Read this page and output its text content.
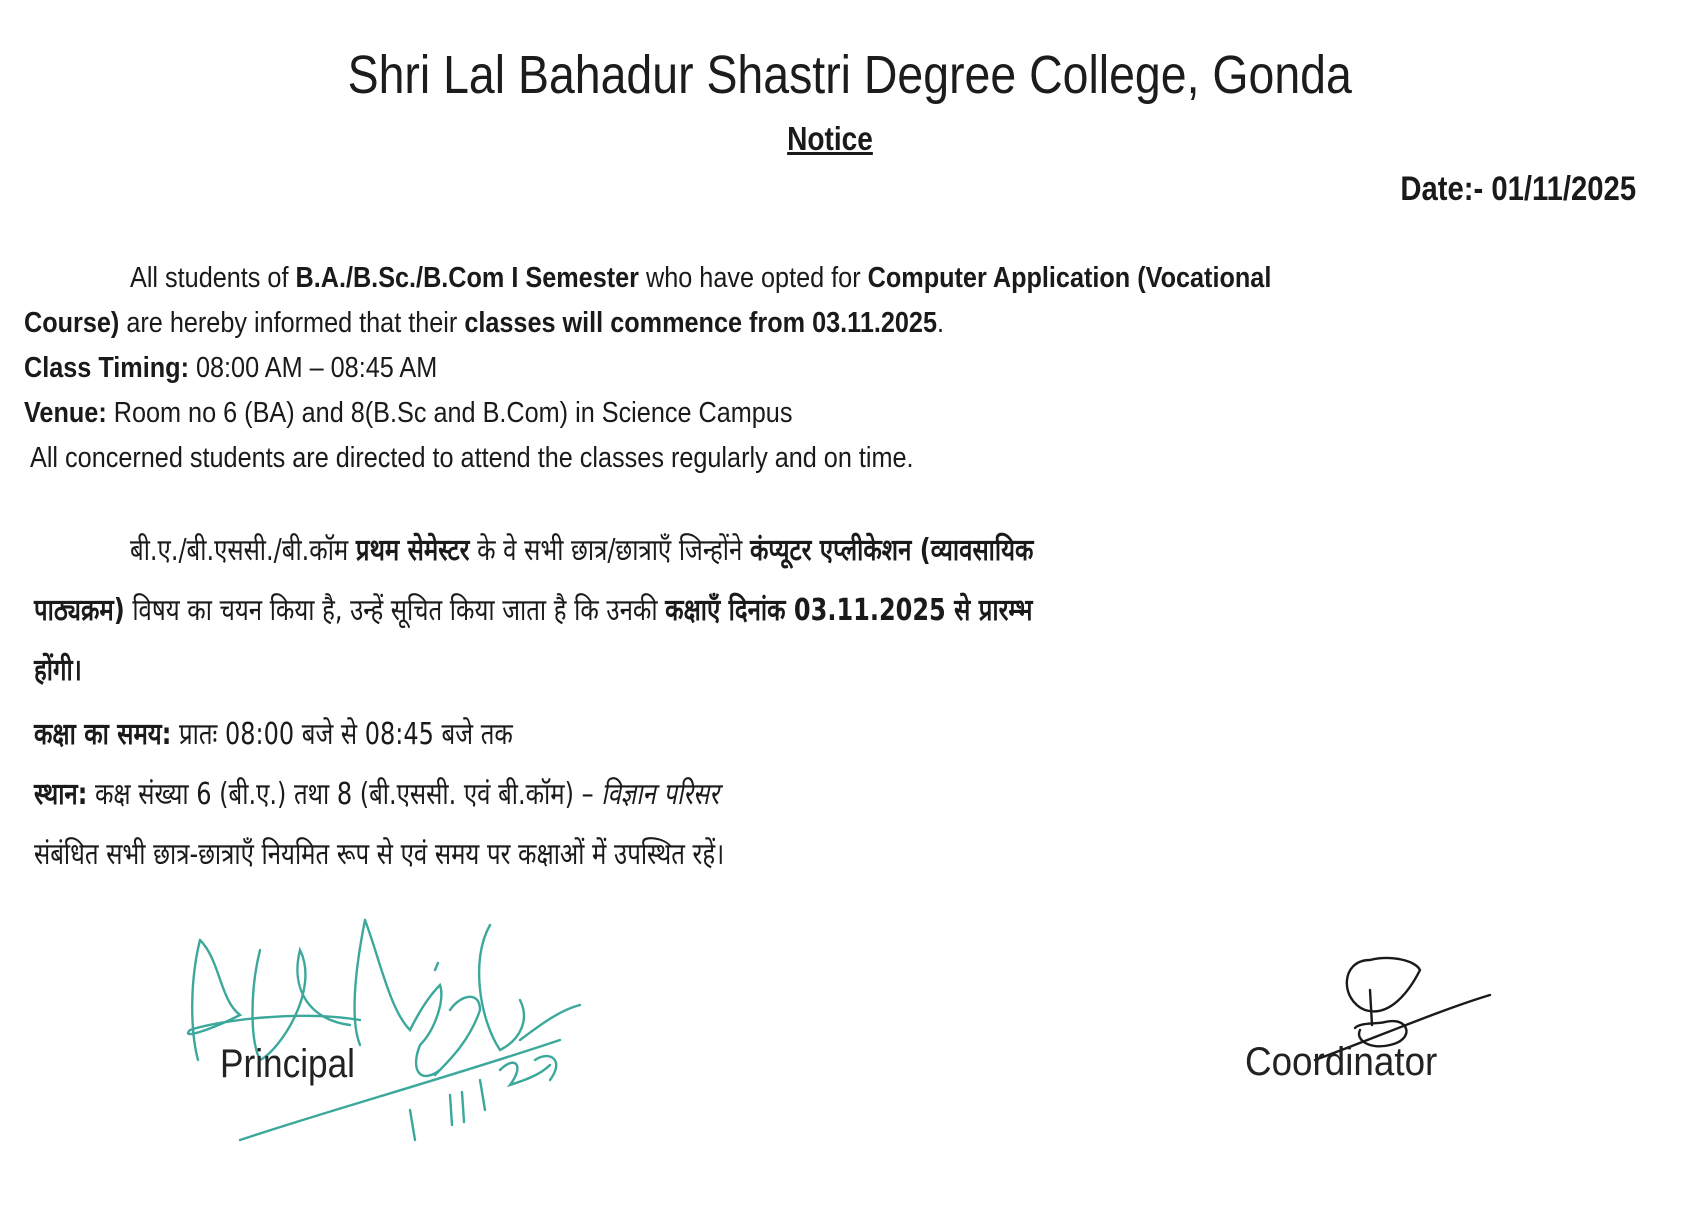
Shri Lal Bahadur Shastri Degree College, Gonda
Notice
Date:- 01/11/2025
All students of B.A./B.Sc./B.Com I Semester who have opted for Computer Application (Vocational
Course) are hereby informed that their classes will commence from 03.11.2025.
Class Timing: 08:00 AM – 08:45 AM
Venue: Room no 6 (BA) and 8(B.Sc and B.Com) in Science Campus
All concerned students are directed to attend the classes regularly and on time.
बी.ए./बी.एससी./बी.कॉम प्रथम सेमेस्टर के वे सभी छात्र/छात्राएँ जिन्होंने कंप्यूटर एप्लीकेशन (व्यावसायिक
पाठ्यक्रम) विषय का चयन किया है, उन्हें सूचित किया जाता है कि उनकी कक्षाएँ दिनांक 03.11.2025 से प्रारम्भ
होंगी।
कक्षा का समय: प्रातः 08:00 बजे से 08:45 बजे तक
स्थान: कक्ष संख्या 6 (बी.ए.) तथा 8 (बी.एससी. एवं बी.कॉम) – विज्ञान परिसर
संबंधित सभी छात्र-छात्राएँ नियमित रूप से एवं समय पर कक्षाओं में उपस्थित रहें।
Principal	Coordinator
